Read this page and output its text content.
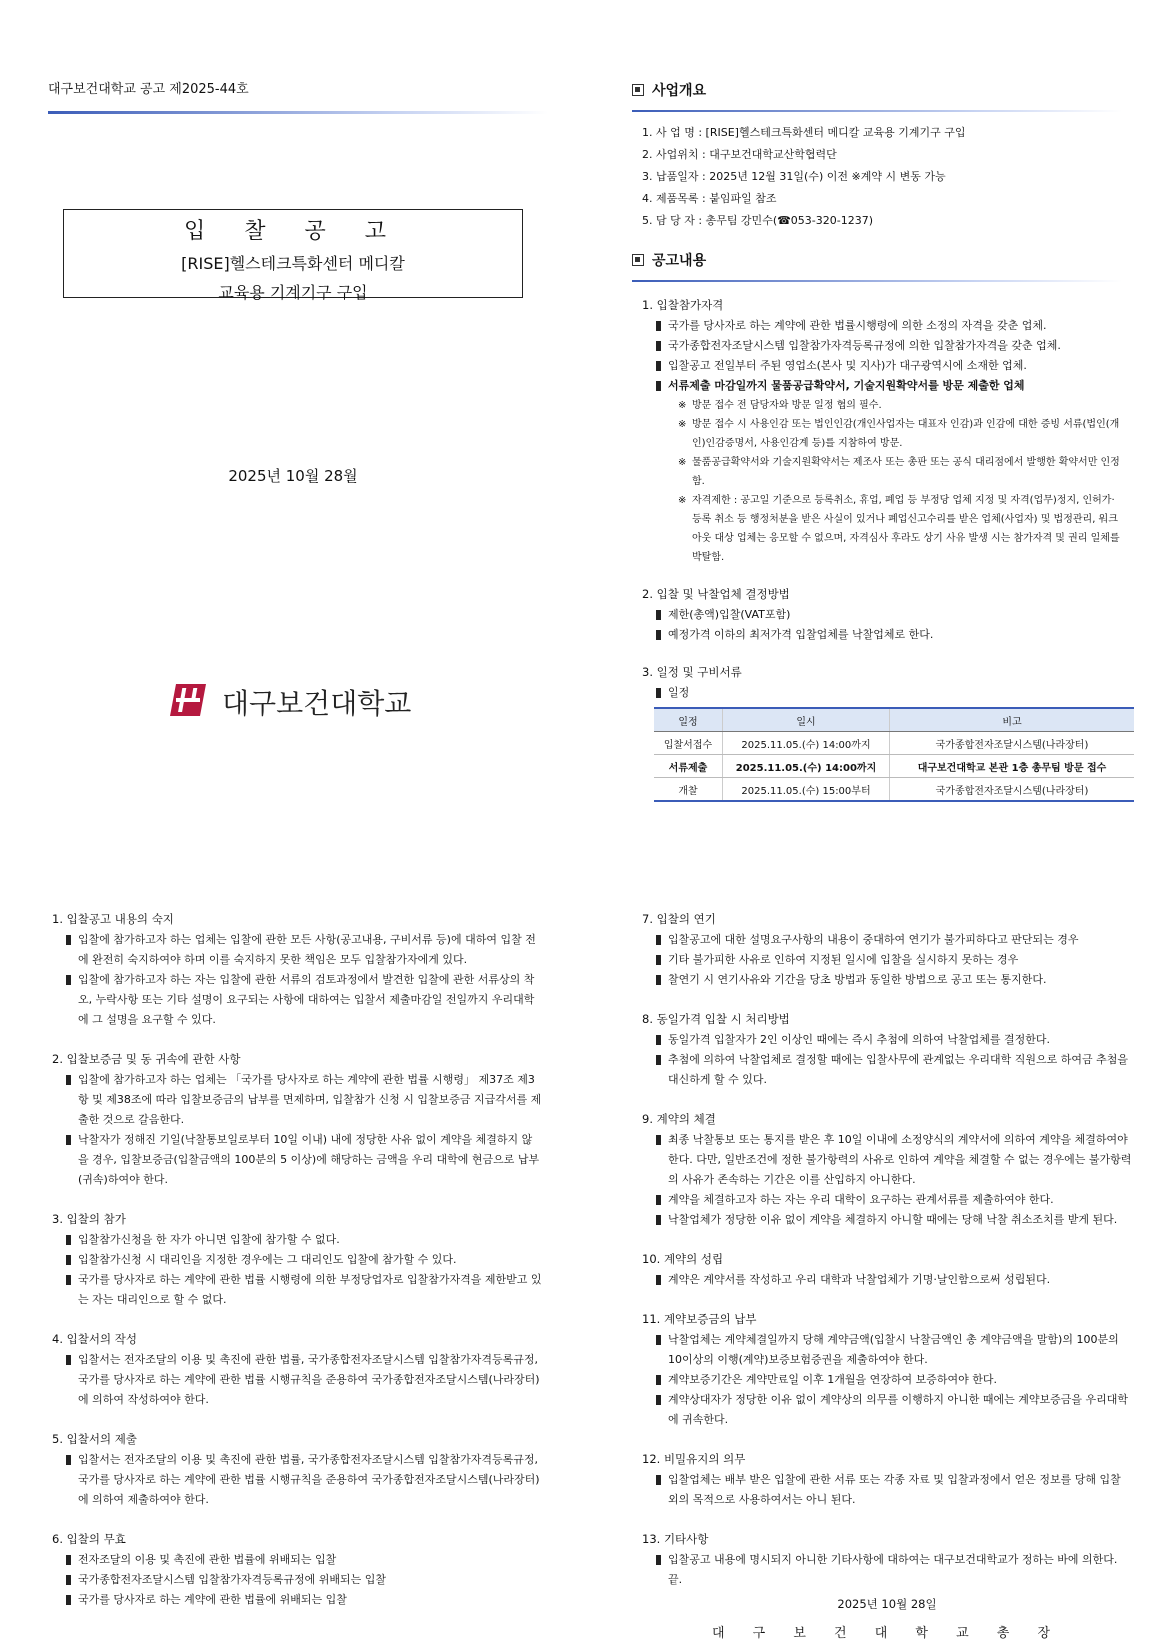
대구보건대학교 공고 제2025-44호
입 찰 공 고
[RISE]헬스테크특화센터 메디칼
교육용 기계기구 구입
2025년 10월 28월
대구보건대학교
사업개요
1. 사 업 명 : [RISE]헬스테크특화센터 메디칼 교육용 기계기구 구입
2. 사업위치 : 대구보건대학교산학협력단
3. 납품일자 : 2025년 12월 31일(수) 이전 ※계약 시 변동 가능
4. 제품목록 : 붙임파일 참조
5. 담 당 자 : 총무팀 강민수(☎053-320-1237)
공고내용
1. 입찰참가자격
국가를 당사자로 하는 계약에 관한 법률시행령에 의한 소정의 자격을 갖춘 업체.
국가종합전자조달시스템 입찰참가자격등록규정에 의한 입찰참가자격을 갖춘 업체.
입찰공고 전일부터 주된 영업소(본사 및 지사)가 대구광역시에 소재한 업체.
서류제출 마감일까지 물품공급확약서, 기술지원확약서를 방문 제출한 업체
※ 방문 접수 전 담당자와 방문 일정 협의 필수.
※ 방문 접수 시 사용인감 또는 법인인감(개인사업자는 대표자 인감)과 인감에 대한 증빙 서류(법인(개인)인감증명서, 사용인감계 등)를 지참하여 방문.
※ 물품공급확약서와 기술지원확약서는 제조사 또는 총판 또는 공식 대리점에서 발행한 확약서만 인정함.
※ 자격제한 : 공고일 기준으로 등록취소, 휴업, 폐업 등 부정당 업체 지정 및 자격(업무)정지, 인허가·등록 취소 등 행정처분을 받은 사실이 있거나 폐업신고수리를 받은 업체(사업자) 및 법정관리, 워크아웃 대상 업체는 응모할 수 없으며, 자격심사 후라도 상기 사유 발생 시는 참가자격 및 권리 일체를 박탈함.
2. 입찰 및 낙찰업체 결정방법
제한(총액)입찰(VAT포함)
예정가격 이하의 최저가격 입찰업체를 낙찰업체로 한다.
3. 일정 및 구비서류
일정
일정	일시	비고
입찰서접수	2025.11.05.(수) 14:00까지	국가종합전자조달시스템(나라장터)
서류제출	2025.11.05.(수) 14:00까지	대구보건대학교 본관 1층 총무팀 방문 접수
개찰	2025.11.05.(수) 15:00부터	국가종합전자조달시스템(나라장터)
1. 입찰공고 내용의 숙지
입찰에 참가하고자 하는 업체는 입찰에 관한 모든 사항(공고내용, 구비서류 등)에 대하여 입찰 전에 완전히 숙지하여야 하며 이를 숙지하지 못한 책임은 모두 입찰참가자에게 있다.
입찰에 참가하고자 하는 자는 입찰에 관한 서류의 검토과정에서 발견한 입찰에 관한 서류상의 착오, 누락사항 또는 기타 설명이 요구되는 사항에 대하여는 입찰서 제출마감일 전일까지 우리대학에 그 설명을 요구할 수 있다.
2. 입찰보증금 및 동 귀속에 관한 사항
입찰에 참가하고자 하는 업체는 「국가를 당사자로 하는 계약에 관한 법률 시행령」 제37조 제3항 및 제38조에 따라 입찰보증금의 납부를 면제하며, 입찰참가 신청 시 입찰보증금 지급각서를 제출한 것으로 갈음한다.
낙찰자가 정해진 기일(낙찰통보일로부터 10일 이내) 내에 정당한 사유 없이 계약을 체결하지 않을 경우, 입찰보증금(입찰금액의 100분의 5 이상)에 해당하는 금액을 우리 대학에 현금으로 납부(귀속)하여야 한다.
3. 입찰의 참가
입찰참가신청을 한 자가 아니면 입찰에 참가할 수 없다.
입찰참가신청 시 대리인을 지정한 경우에는 그 대리인도 입찰에 참가할 수 있다.
국가를 당사자로 하는 계약에 관한 법률 시행령에 의한 부정당업자로 입찰참가자격을 제한받고 있는 자는 대리인으로 할 수 없다.
4. 입찰서의 작성
입찰서는 전자조달의 이용 및 촉진에 관한 법률, 국가종합전자조달시스템 입찰참가자격등록규정, 국가를 당사자로 하는 계약에 관한 법률 시행규칙을 준용하여 국가종합전자조달시스템(나라장터)에 의하여 작성하여야 한다.
5. 입찰서의 제출
입찰서는 전자조달의 이용 및 촉진에 관한 법률, 국가종합전자조달시스템 입찰참가자격등록규정, 국가를 당사자로 하는 계약에 관한 법률 시행규칙을 준용하여 국가종합전자조달시스템(나라장터)에 의하여 제출하여야 한다.
6. 입찰의 무효
전자조달의 이용 및 촉진에 관한 법률에 위배되는 입찰
국가종합전자조달시스템 입찰참가자격등록규정에 위배되는 입찰
국가를 당사자로 하는 계약에 관한 법률에 위배되는 입찰
7. 입찰의 연기
입찰공고에 대한 설명요구사항의 내용이 중대하여 연기가 불가피하다고 판단되는 경우
기타 불가피한 사유로 인하여 지정된 일시에 입찰을 실시하지 못하는 경우
찰연기 시 연기사유와 기간을 당초 방법과 동일한 방법으로 공고 또는 통지한다.
8. 동일가격 입찰 시 처리방법
동일가격 입찰자가 2인 이상인 때에는 즉시 추첨에 의하여 낙찰업체를 결정한다.
추첨에 의하여 낙찰업체로 결정할 때에는 입찰사무에 관계없는 우리대학 직원으로 하여금 추첨을 대신하게 할 수 있다.
9. 계약의 체결
최종 낙찰통보 또는 통지를 받은 후 10일 이내에 소정양식의 계약서에 의하여 계약을 체결하여야 한다. 다만, 일반조건에 정한 불가항력의 사유로 인하여 계약을 체결할 수 없는 경우에는 불가항력의 사유가 존속하는 기간은 이를 산입하지 아니한다.
계약을 체결하고자 하는 자는 우리 대학이 요구하는 관계서류를 제출하여야 한다.
낙찰업체가 정당한 이유 없이 계약을 체결하지 아니할 때에는 당해 낙찰 취소조치를 받게 된다.
10. 계약의 성립
계약은 계약서를 작성하고 우리 대학과 낙찰업체가 기명·날인함으로써 성립된다.
11. 계약보증금의 납부
낙찰업체는 계약체결일까지 당해 계약금액(입찰시 낙찰금액인 총 계약금액을 말함)의 100분의 10이상의 이행(계약)보증보험증권을 제출하여야 한다.
계약보증기간은 계약만료일 이후 1개월을 연장하여 보증하여야 한다.
계약상대자가 정당한 이유 없이 계약상의 의무를 이행하지 아니한 때에는 계약보증금을 우리대학에 귀속한다.
12. 비밀유지의 의무
입찰업체는 배부 받은 입찰에 관한 서류 또는 각종 자료 및 입찰과정에서 얻은 정보를 당해 입찰 외의 목적으로 사용하여서는 아니 된다.
13. 기타사항
입찰공고 내용에 명시되지 아니한 기타사항에 대하여는 대구보건대학교가 정하는 바에 의한다. 끝.
2025년 10월 28일
대 구 보 건 대 학 교 총 장
